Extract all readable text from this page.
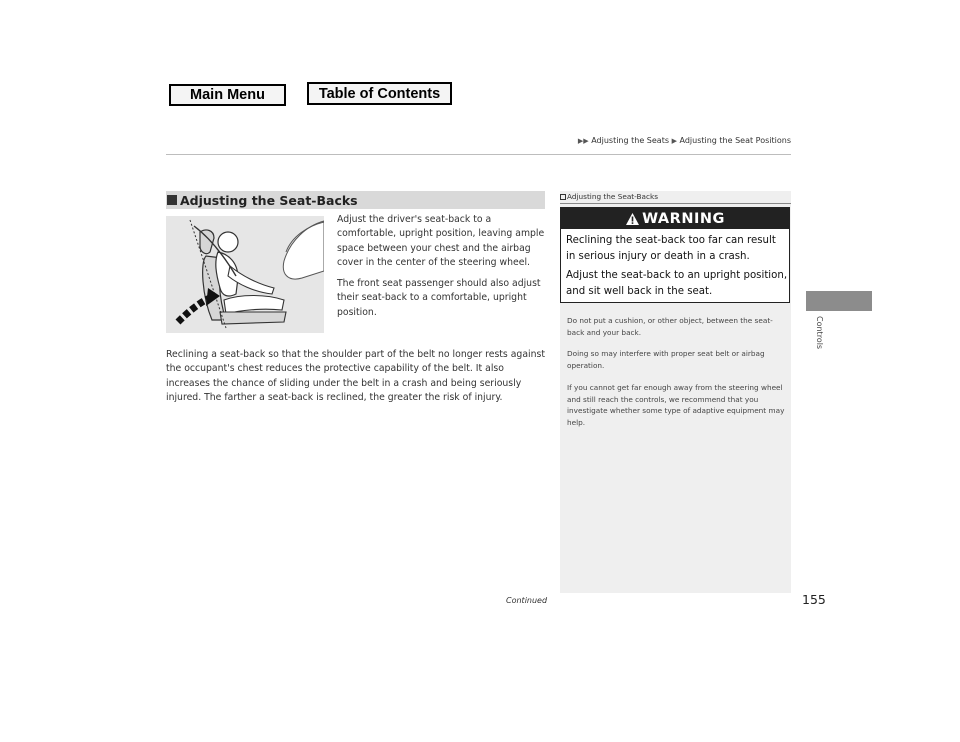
Main Menu	Table of Contents
▶▶ Adjusting the Seats ▶ Adjusting the Seat Positions
Adjusting the Seat-Backs

Adjust the driver's seat-back to a comfortable, upright position, leaving ample space between your chest and the airbag cover in the center of the steering wheel.

The front seat passenger should also adjust their seat-back to a comfortable, upright position.

Reclining a seat-back so that the shoulder part of the belt no longer rests against the occupant's chest reduces the protective capability of the belt. It also increases the chance of sliding under the belt in a crash and being seriously injured. The farther a seat-back is reclined, the greater the risk of injury.

Continued
Adjusting the Seat-Backs
WARNING

Reclining the seat-back too far can result in serious injury or death in a crash.

Adjust the seat-back to an upright position, and sit well back in the seat.

Do not put a cushion, or other object, between the seat-back and your back.

Doing so may interfere with proper seat belt or airbag operation.

If you cannot get far enough away from the steering wheel and still reach the controls, we recommend that you investigate whether some type of adaptive equipment may help.

Controls
155
